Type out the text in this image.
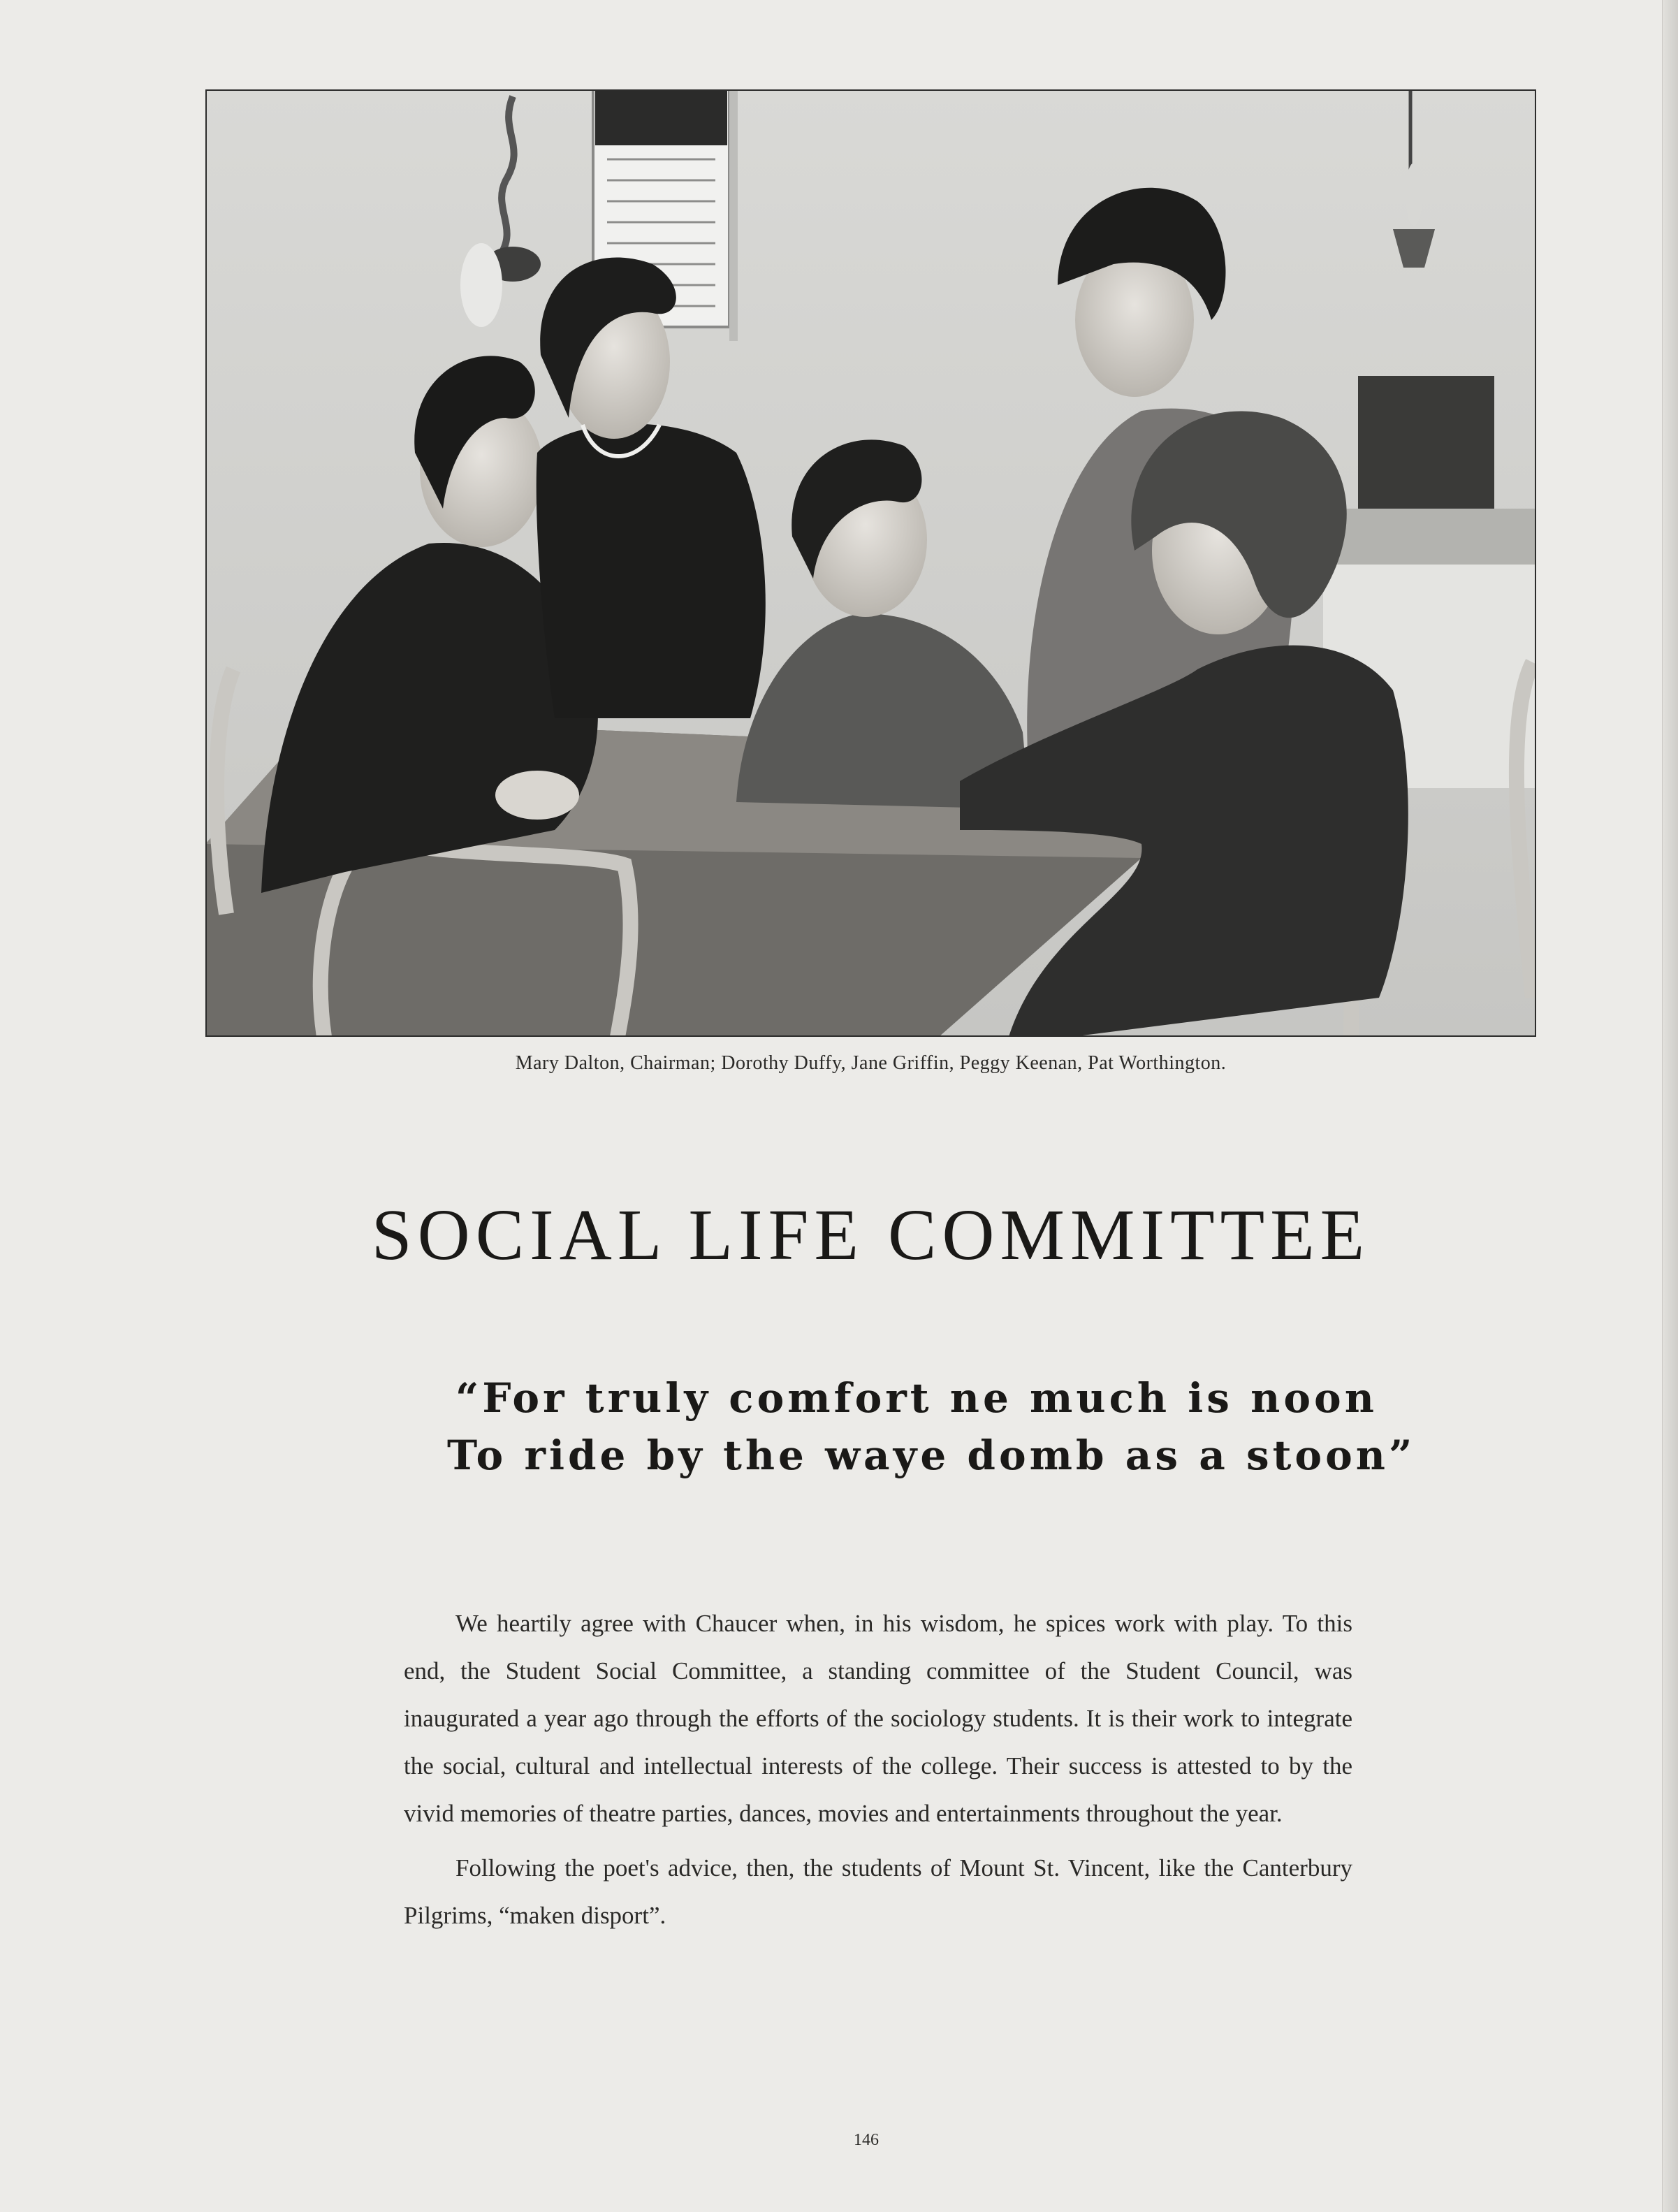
Mary Dalton, Chairman; Dorothy Duffy, Jane Griffin, Peggy Keenan, Pat Worthington.
SOCIAL LIFE COMMITTEE
“For truly comfort ne much is noon
To ride by the waye domb as a stoon”

We heartily agree with Chaucer when, in his wisdom, he spices work with play. To this end, the Student Social Committee, a standing committee of the Student Council, was inaugurated a year ago through the efforts of the sociology students. It is their work to integrate the social, cultural and intellectual interests of the college. Their success is attested to by the vivid memories of theatre parties, dances, movies and entertainments throughout the year.

Following the poet's advice, then, the students of Mount St. Vincent, like the Canterbury Pilgrims, “maken disport”.

146
